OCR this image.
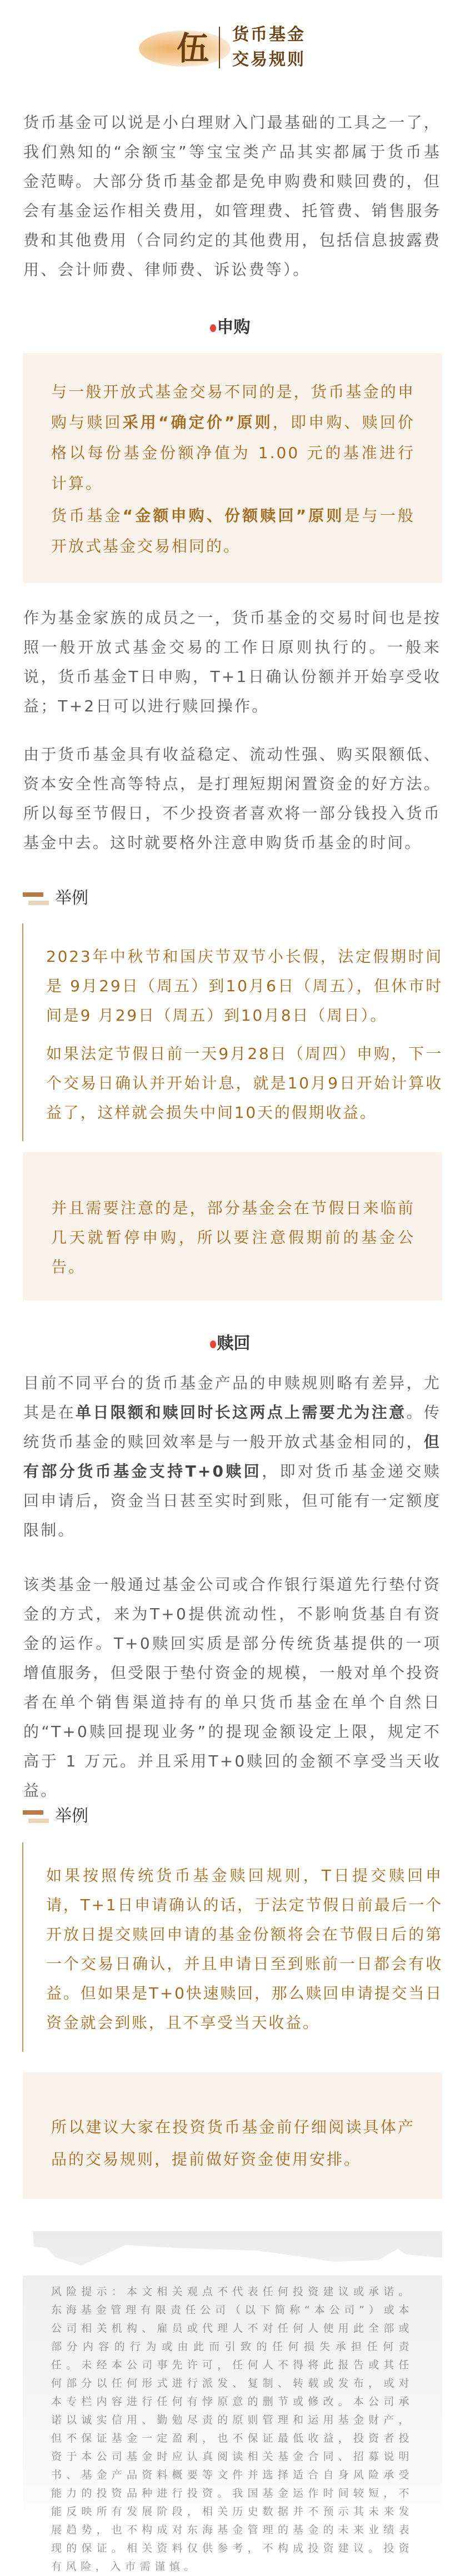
伍 货币基金
交易规则

货币基金可以说是小白理财入门最基础的工具之一了，我们熟知的“余额宝”等宝宝类产品其实都属于货币基金范畴。大部分货币基金都是免申购费和赎回费的，但会有基金运作相关费用，如管理费、托管费、销售服务费和其他费用（合同约定的其他费用，包括信息披露费用、会计师费、律师费、诉讼费等）。

申购

与一般开放式基金交易不同的是，货币基金的申购与赎回采用“确定价”原则，即申购、赎回价格以每份基金份额净值为 1.00 元的基准进行计算。

货币基金“金额申购、份额赎回”原则是与一般开放式基金交易相同的。

作为基金家族的成员之一，货币基金的交易时间也是按照一般开放式基金交易的工作日原则执行的。一般来说，货币基金T日申购，T+1日确认份额并开始享受收益；T+2日可以进行赎回操作。

由于货币基金具有收益稳定、流动性强、购买限额低、资本安全性高等特点，是打理短期闲置资金的好方法。所以每至节假日，不少投资者喜欢将一部分钱投入货币基金中去。这时就要格外注意申购货币基金的时间。

举例

2023年中秋节和国庆节双节小长假，法定假期时间是 9月29日（周五）到10月6日（周五），但休市时间是9 月29日（周五）到10月8日（周日）。

如果法定节假日前一天9月28日（周四）申购，下一个交易日确认并开始计息，就是10月9日开始计算收益了，这样就会损失中间10天的假期收益。

并且需要注意的是，部分基金会在节假日来临前几天就暂停申购，所以要注意假期前的基金公告。

赎回

目前不同平台的货币基金产品的申赎规则略有差异，尤其是在单日限额和赎回时长这两点上需要尤为注意。传统货币基金的赎回效率是与一般开放式基金相同的，但有部分货币基金支持T+0赎回，即对货币基金递交赎回申请后，资金当日甚至实时到账，但可能有一定额度限制。

该类基金一般通过基金公司或合作银行渠道先行垫付资金的方式，来为T+0提供流动性，不影响货基自有资金的运作。T+0赎回实质是部分传统货基提供的一项增值服务，但受限于垫付资金的规模，一般对单个投资者在单个销售渠道持有的单只货币基金在单个自然日的“T+0赎回提现业务”的提现金额设定上限，规定不高于 1 万元。并且采用T+0赎回的金额不享受当天收益。

举例

如果按照传统货币基金赎回规则，T日提交赎回申请，T+1日申请确认的话，于法定节假日前最后一个开放日提交赎回申请的基金份额将会在节假日后的第一个交易日确认，并且申请日至到账前一日都会有收益。但如果是T+0快速赎回，那么赎回申请提交当日资金就会到账，且不享受当天收益。

所以建议大家在投资货币基金前仔细阅读具体产品的交易规则，提前做好资金使用安排。

风险提示：本文相关观点不代表任何投资建议或承诺。东海基金管理有限责任公司（以下简称“本公司”）或本公司相关机构、雇员或代理人不对任何人使用此全部或部分内容的行为或由此而引致的任何损失承担任何责任。未经本公司事先许可，任何人不得将此报告或其任何部分以任何形式进行派发、复制、转载或发布，或对本专栏内容进行任何有悖原意的删节或修改。本公司承诺以诚实信用、勤勉尽责的原则管理和运用基金财产，但不保证基金一定盈利，也不保证最低收益，投资者投资于本公司基金时应认真阅读相关基金合同、招募说明书、基金产品资料概要等文件并选择适合自身风险承受能力的投资品种进行投资。我国基金运作时间较短，不能反映所有发展阶段，相关历史数据并不预示其未来发展趋势，也不构成对东海基金管理的基金的未来业绩表现的保证。相关资料仅供参考，不构成投资建议。投资有风险，入市需谨慎。
